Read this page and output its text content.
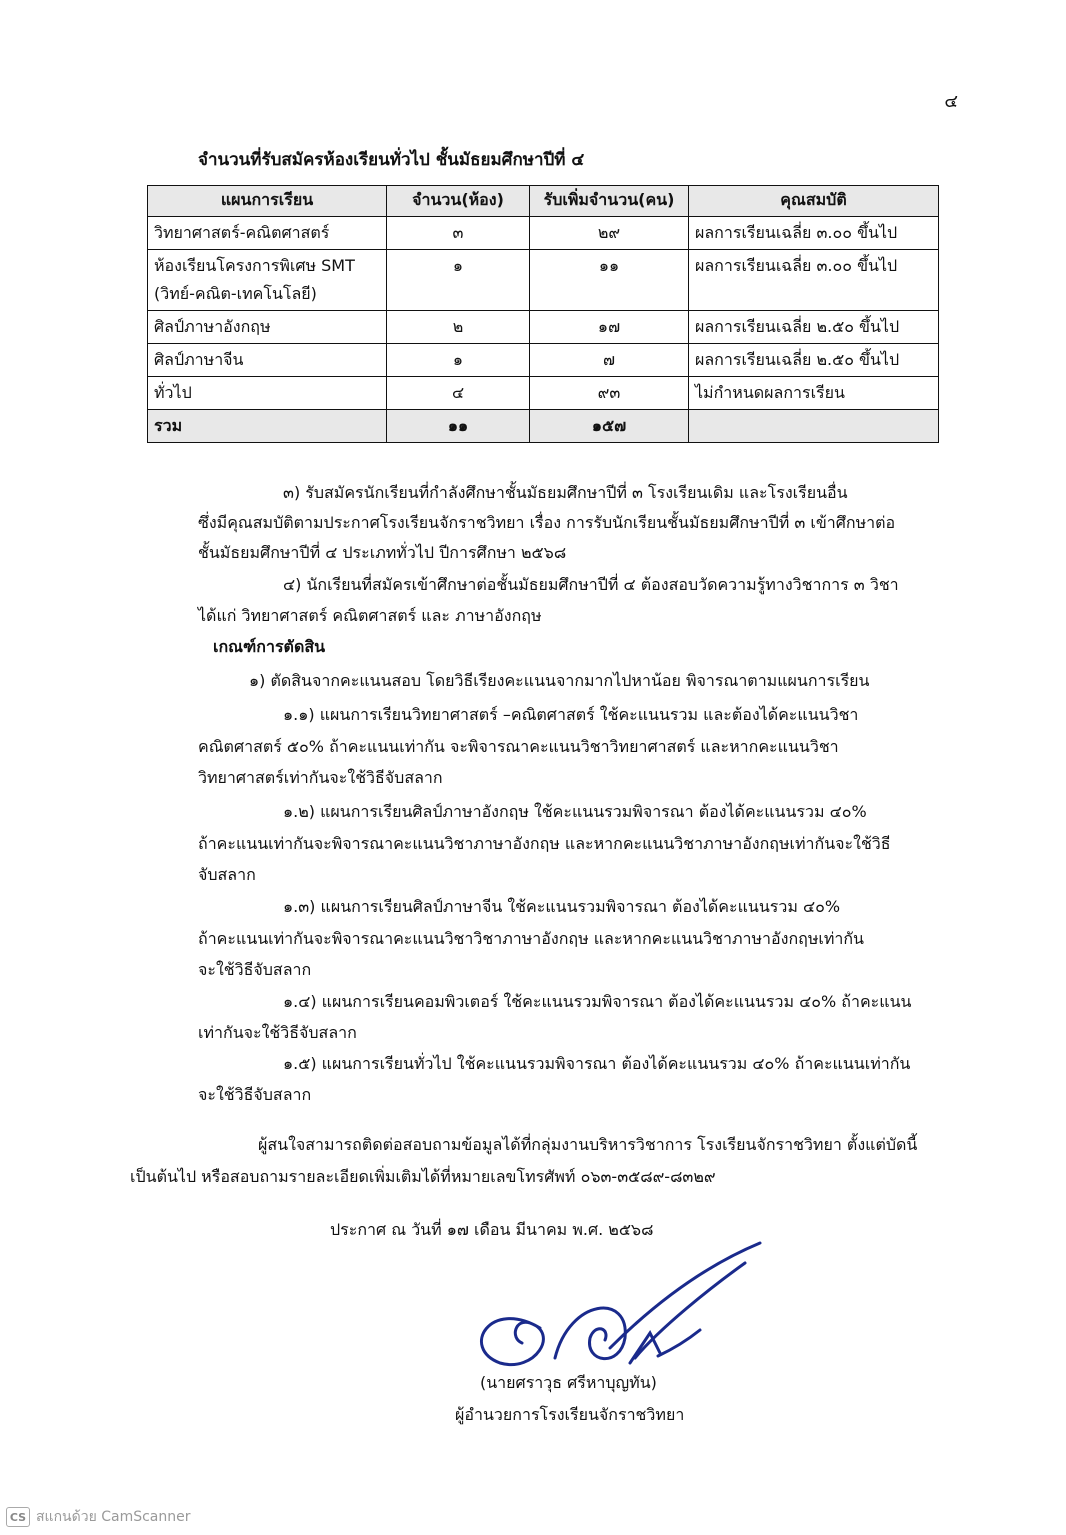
๔
จำนวนที่รับสมัครห้องเรียนทั่วไป ชั้นมัธยมศึกษาปีที่ ๔
แผนการเรียน	จำนวน(ห้อง)	รับเพิ่มจำนวน(คน)	คุณสมบัติ
วิทยาศาสตร์-คณิตศาสตร์	๓	๒๙	ผลการเรียนเฉลี่ย ๓.๐๐ ขึ้นไป

ห้องเรียนโครงการพิเศษ SMT
(วิทย์-คณิต-เทคโนโลยี)	๑	๑๑	ผลการเรียนเฉลี่ย ๓.๐๐ ขึ้นไป
ศิลป์ภาษาอังกฤษ	๒	๑๗	ผลการเรียนเฉลี่ย ๒.๕๐ ขึ้นไป
ศิลป์ภาษาจีน	๑	๗	ผลการเรียนเฉลี่ย ๒.๕๐ ขึ้นไป
ทั่วไป	๔	๙๓	ไม่กำหนดผลการเรียน
รวม	๑๑	๑๕๗	
๓) รับสมัครนักเรียนที่กำลังศึกษาชั้นมัธยมศึกษาปีที่ ๓ โรงเรียนเดิม และโรงเรียนอื่น
ซึ่งมีคุณสมบัติตามประกาศโรงเรียนจักราชวิทยา เรื่อง การรับนักเรียนชั้นมัธยมศึกษาปีที่ ๓ เข้าศึกษาต่อ
ชั้นมัธยมศึกษาปีที่ ๔ ประเภททั่วไป ปีการศึกษา ๒๕๖๘
๔) นักเรียนที่สมัครเข้าศึกษาต่อชั้นมัธยมศึกษาปีที่ ๔ ต้องสอบวัดความรู้ทางวิชาการ ๓ วิชา
ได้แก่ วิทยาศาสตร์ คณิตศาสตร์ และ ภาษาอังกฤษ
เกณฑ์การตัดสิน
๑) ตัดสินจากคะแนนสอบ โดยวิธีเรียงคะแนนจากมากไปหาน้อย พิจารณาตามแผนการเรียน
๑.๑) แผนการเรียนวิทยาศาสตร์ –คณิตศาสตร์ ใช้คะแนนรวม และต้องได้คะแนนวิชา
คณิตศาสตร์ ๕๐% ถ้าคะแนนเท่ากัน จะพิจารณาคะแนนวิชาวิทยาศาสตร์ และหากคะแนนวิชา
วิทยาศาสตร์เท่ากันจะใช้วิธีจับสลาก
๑.๒) แผนการเรียนศิลป์ภาษาอังกฤษ ใช้คะแนนรวมพิจารณา ต้องได้คะแนนรวม ๔๐%
ถ้าคะแนนเท่ากันจะพิจารณาคะแนนวิชาภาษาอังกฤษ และหากคะแนนวิชาภาษาอังกฤษเท่ากันจะใช้วิธี
จับสลาก
๑.๓) แผนการเรียนศิลป์ภาษาจีน ใช้คะแนนรวมพิจารณา ต้องได้คะแนนรวม ๔๐%
ถ้าคะแนนเท่ากันจะพิจารณาคะแนนวิชาวิชาภาษาอังกฤษ และหากคะแนนวิชาภาษาอังกฤษเท่ากัน
จะใช้วิธีจับสลาก
๑.๔) แผนการเรียนคอมพิวเตอร์ ใช้คะแนนรวมพิจารณา ต้องได้คะแนนรวม ๔๐% ถ้าคะแนน
เท่ากันจะใช้วิธีจับสลาก
๑.๕) แผนการเรียนทั่วไป ใช้คะแนนรวมพิจารณา ต้องได้คะแนนรวม ๔๐% ถ้าคะแนนเท่ากัน
จะใช้วิธีจับสลาก
ผู้สนใจสามารถติดต่อสอบถามข้อมูลได้ที่กลุ่มงานบริหารวิชาการ โรงเรียนจักราชวิทยา ตั้งแต่บัดนี้
เป็นต้นไป หรือสอบถามรายละเอียดเพิ่มเติมได้ที่หมายเลขโทรศัพท์ ๐๖๓-๓๕๘๙-๘๓๒๙
ประกาศ ณ วันที่ ๑๗ เดือน มีนาคม พ.ศ. ๒๕๖๘
(นายศราวุธ ศรีหาบุญทัน)
ผู้อำนวยการโรงเรียนจักราชวิทยา
CS สแกนด้วย CamScanner
